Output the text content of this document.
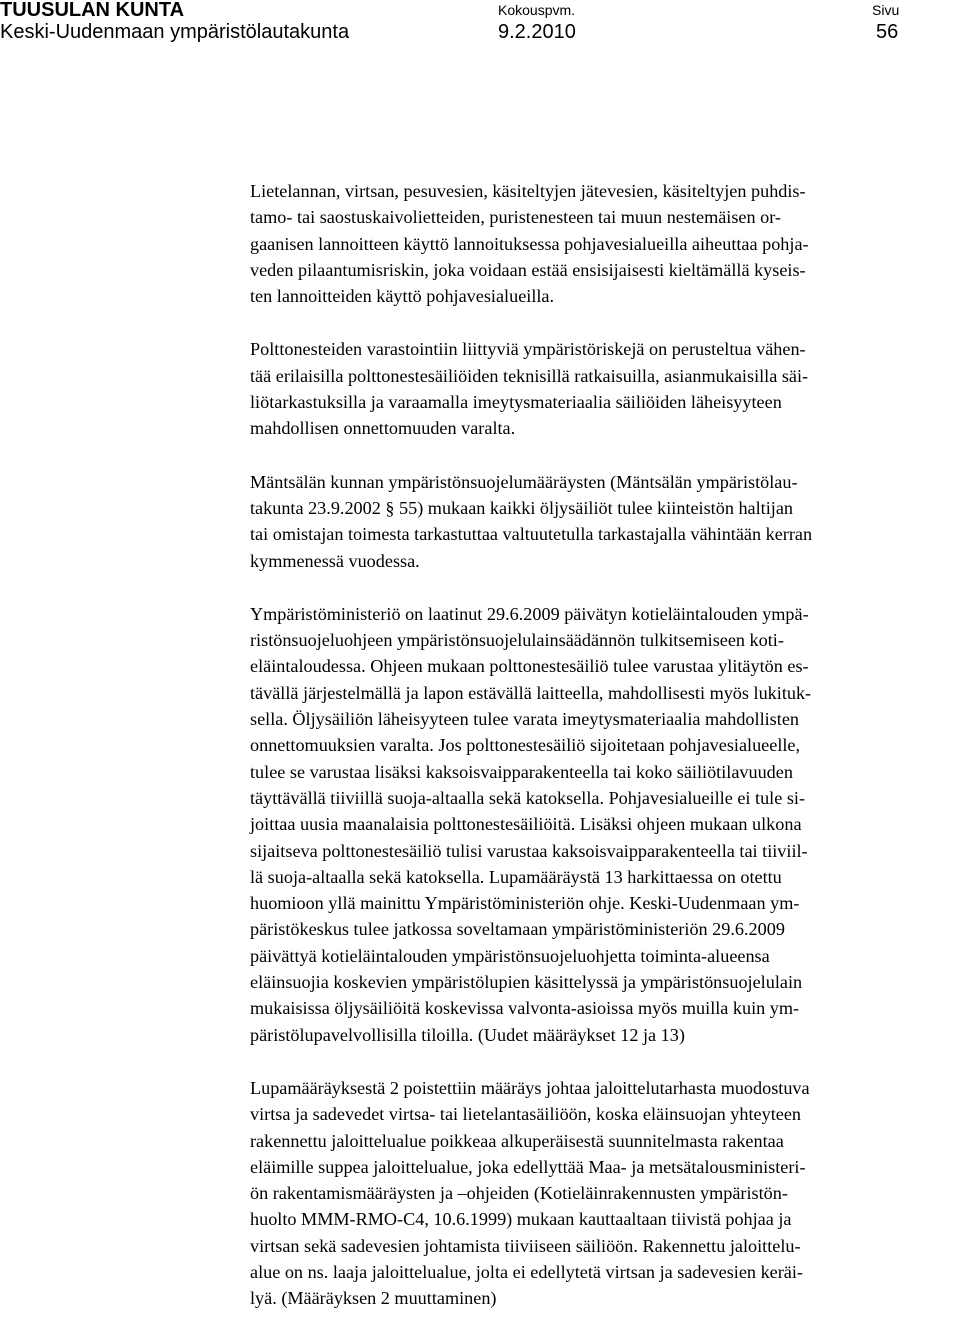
TUUSULAN KUNTA
Keski-Uudenmaan ympäristölautakunta
Kokouspvm.
9.2.2010
Sivu
56

Lietelannan, virtsan, pesuvesien, käsiteltyjen jätevesien, käsiteltyjen puhdis-
tamo- tai saostuskaivolietteiden, puristenesteen tai muun nestemäisen or-
gaanisen lannoitteen käyttö lannoituksessa pohjavesialueilla aiheuttaa pohja-
veden pilaantumisriskin, joka voidaan estää ensisijaisesti kieltämällä kyseis-
ten lannoitteiden käyttö pohjavesialueilla.

Polttonesteiden varastointiin liittyviä ympäristöriskejä on perusteltua vähen-
tää erilaisilla polttonestesäiliöiden teknisillä ratkaisuilla, asianmukaisilla säi-
liötarkastuksilla ja varaamalla imeytysmateriaalia säiliöiden läheisyyteen
mahdollisen onnettomuuden varalta.

Mäntsälän kunnan ympäristönsuojelumääräysten (Mäntsälän ympäristölau-
takunta 23.9.2002 § 55) mukaan kaikki öljysäiliöt tulee kiinteistön haltijan
tai omistajan toimesta tarkastuttaa valtuutetulla tarkastajalla vähintään kerran
kymmenessä vuodessa.

Ympäristöministeriö on laatinut 29.6.2009 päivätyn kotieläintalouden ympä-
ristönsuojeluohjeen ympäristönsuojelulainsäädännön tulkitsemiseen koti-
eläintaloudessa. Ohjeen mukaan polttonestesäiliö tulee varustaa ylitäytön es-
tävällä järjestelmällä ja lapon estävällä laitteella, mahdollisesti myös lukituk-
sella. Öljysäiliön läheisyyteen tulee varata imeytysmateriaalia mahdollisten
onnettomuuksien varalta. Jos polttonestesäiliö sijoitetaan pohjavesialueelle,
tulee se varustaa lisäksi kaksoisvaipparakenteella tai koko säiliötilavuuden
täyttävällä tiiviillä suoja-altaalla sekä katoksella. Pohjavesialueille ei tule si-
joittaa uusia maanalaisia polttonestesäiliöitä. Lisäksi ohjeen mukaan ulkona
sijaitseva polttonestesäiliö tulisi varustaa kaksoisvaipparakenteella tai tiiviil-
lä suoja-altaalla sekä katoksella. Lupamääräystä 13 harkittaessa on otettu
huomioon yllä mainittu Ympäristöministeriön ohje. Keski-Uudenmaan ym-
päristökeskus tulee jatkossa soveltamaan ympäristöministeriön 29.6.2009
päivättyä kotieläintalouden ympäristönsuojeluohjetta toiminta-alueensa
eläinsuojia koskevien ympäristölupien käsittelyssä ja ympäristönsuojelulain
mukaisissa öljysäiliöitä koskevissa valvonta-asioissa myös muilla kuin ym-
päristölupavelvollisilla tiloilla. (Uudet määräykset 12 ja 13)

Lupamääräyksestä 2 poistettiin määräys johtaa jaloittelutarhasta muodostuva
virtsa ja sadevedet virtsa- tai lietelantasäiliöön, koska eläinsuojan yhteyteen
rakennettu jaloittelualue poikkeaa alkuperäisestä suunnitelmasta rakentaa
eläimille suppea jaloittelualue, joka edellyttää Maa- ja metsätalousministeri-
ön rakentamismääräysten ja –ohjeiden (Kotieläinrakennusten ympäristön-
huolto MMM-RMO-C4, 10.6.1999) mukaan kauttaaltaan tiivistä pohjaa ja
virtsan sekä sadevesien johtamista tiiviiseen säiliöön. Rakennettu jaloittelu-
alue on ns. laaja jaloittelualue, jolta ei edellytetä virtsan ja sadevesien keräi-
lyä. (Määräyksen 2 muuttaminen)
